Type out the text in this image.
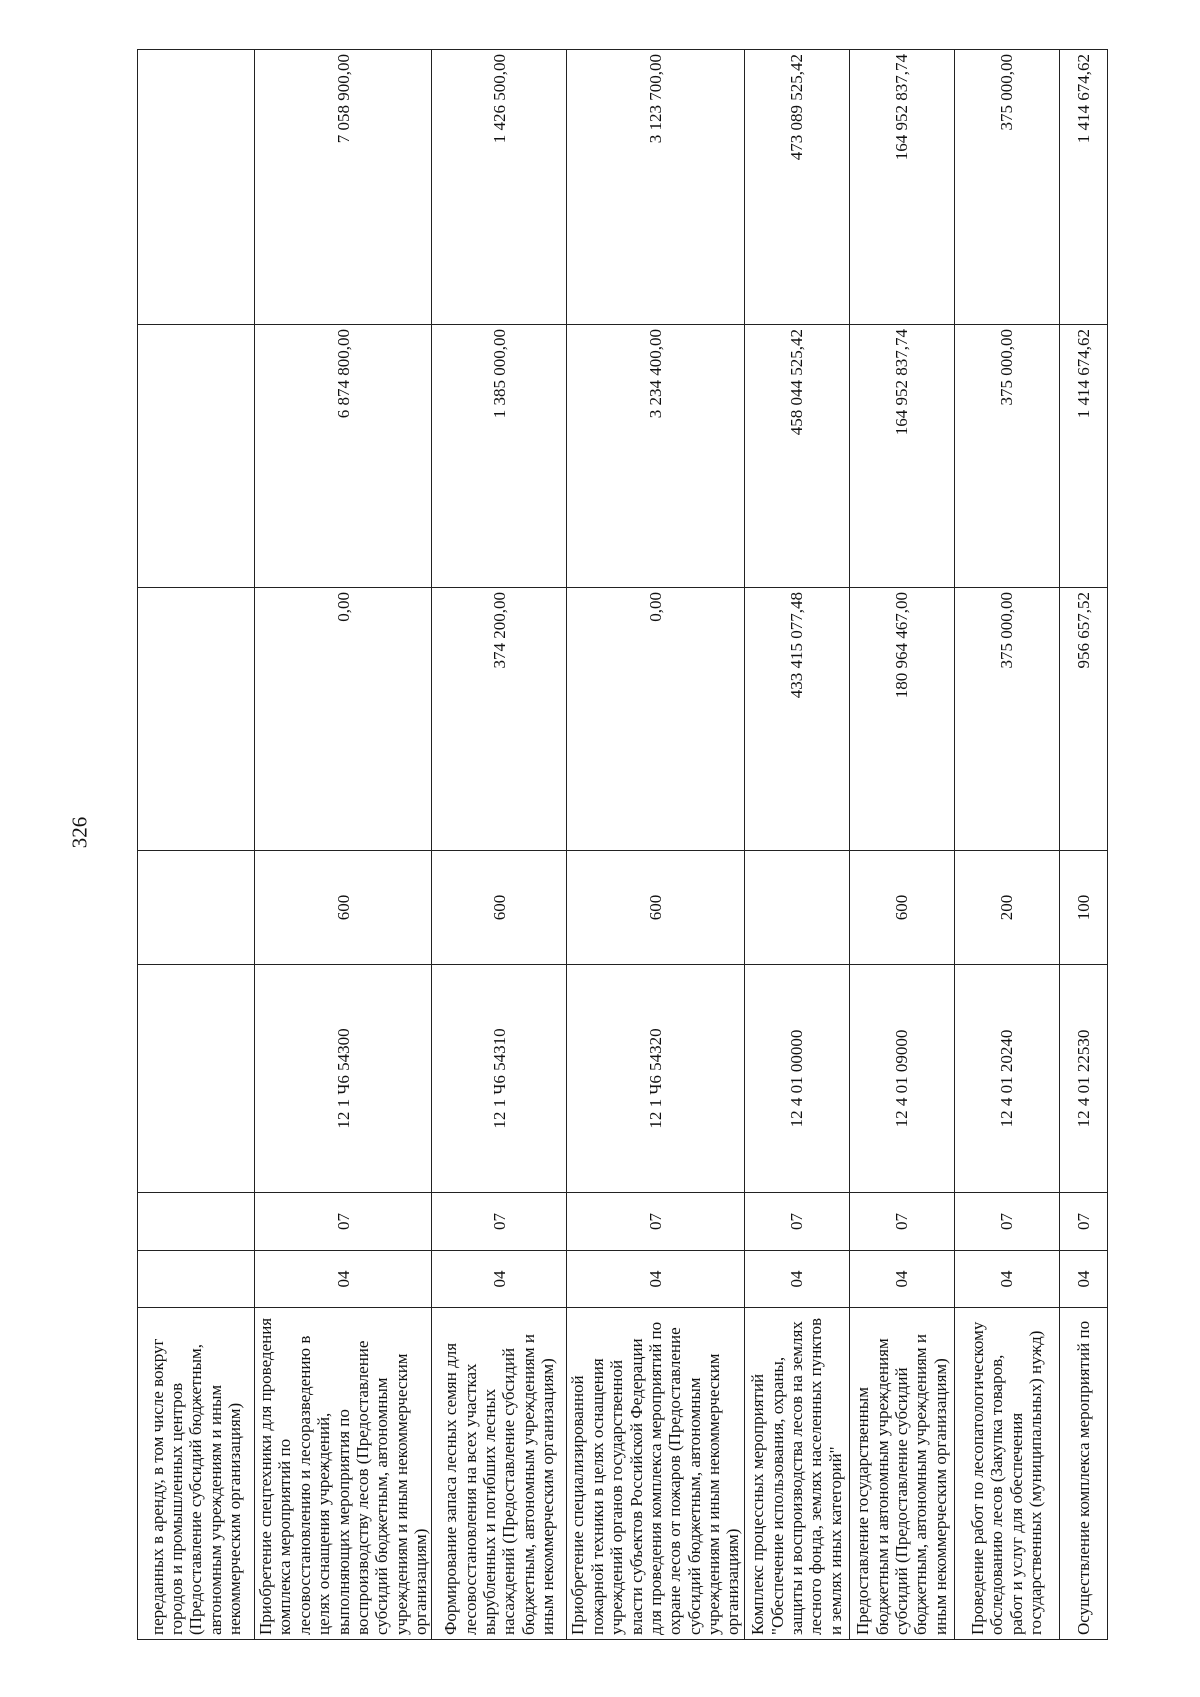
326
переданных в аренду, в том числе вокруг городов и промышленных центров (Предоставление субсидий бюджетным, автономным учреждениям и иным некоммерческим организациям)							
Приобретение спецтехники для проведения комплекса мероприятий по лесовосстановлению и лесоразведению в целях оснащения учреждений, выполняющих мероприятия по воспроизводству лесов (Предоставление субсидий бюджетным, автономным учреждениям и иным некоммерческим организациям)	04	07	12 1 Ч6 54300	600	0,00	6 874 800,00	7 058 900,00
Формирование запаса лесных семян для лесовосстановления на всех участках вырубленных и погибших лесных насаждений (Предоставление субсидий бюджетным, автономным учреждениям и иным некоммерческим организациям)	04	07	12 1 Ч6 54310	600	374 200,00	1 385 000,00	1 426 500,00
Приобретение специализированной пожарной техники в целях оснащения учреждений органов государственной власти субъектов Российской Федерации для проведения комплекса мероприятий по охране лесов от пожаров (Предоставление субсидий бюджетным, автономным учреждениям и иным некоммерческим организациям)	04	07	12 1 Ч6 54320	600	0,00	3 234 400,00	3 123 700,00
Комплекс процессных мероприятий "Обеспечение использования, охраны, защиты и воспроизводства лесов на землях лесного фонда, землях населенных пунктов и землях иных категорий"	04	07	12 4 01 00000		433 415 077,48	458 044 525,42	473 089 525,42
Предоставление государственным бюджетным и автономным учреждениям субсидий (Предоставление субсидий бюджетным, автономным учреждениям и иным некоммерческим организациям)	04	07	12 4 01 09000	600	180 964 467,00	164 952 837,74	164 952 837,74
Проведение работ по лесопатологическому обследованию лесов (Закупка товаров, работ и услуг для обеспечения государственных (муниципальных) нужд)	04	07	12 4 01 20240	200	375 000,00	375 000,00	375 000,00
Осуществление комплекса мероприятий по	04	07	12 4 01 22530	100	956 657,52	1 414 674,62	1 414 674,62
